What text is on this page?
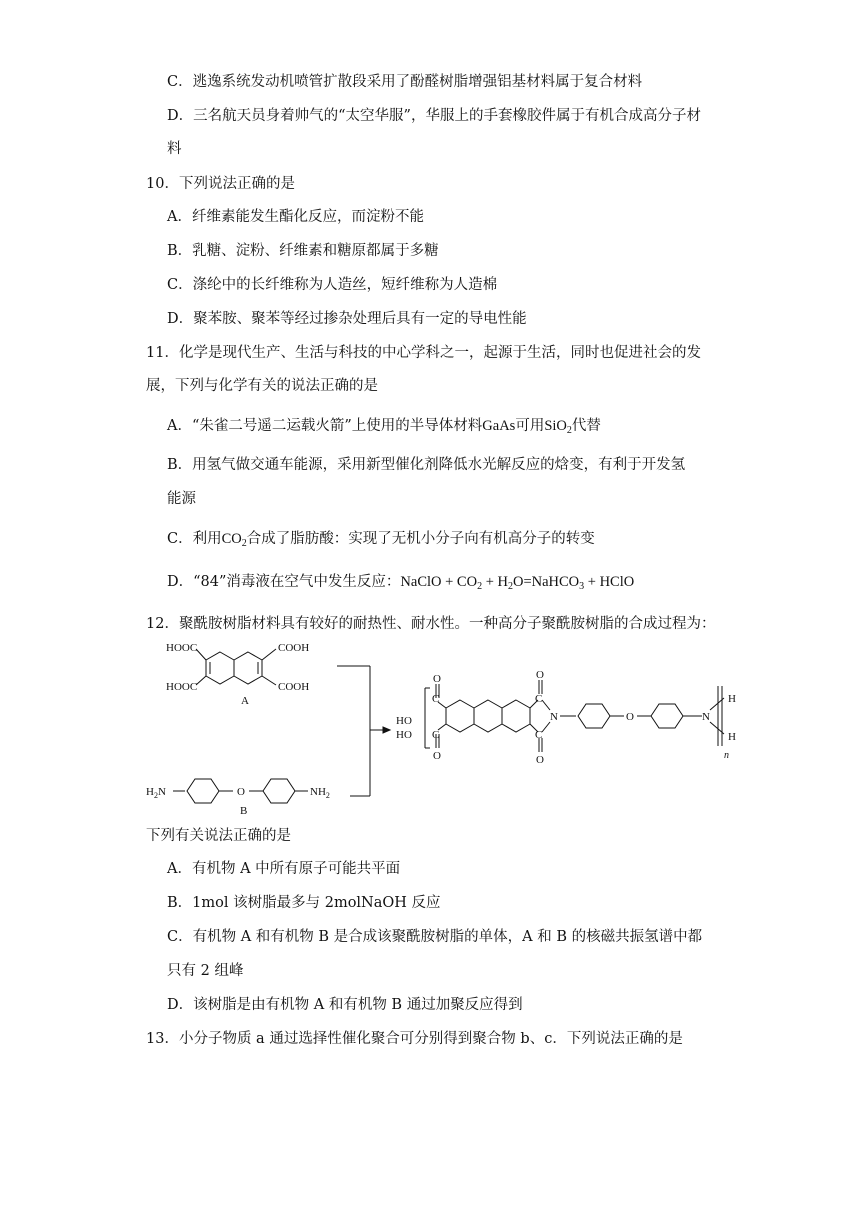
C．逃逸系统发动机喷管扩散段采用了酚醛树脂增强铝基材料属于复合材料
D．三名航天员身着帅气的“太空华服”，华服上的手套橡胶件属于有机合成高分子材
料
10．下列说法正确的是
A．纤维素能发生酯化反应，而淀粉不能
B．乳糖、淀粉、纤维素和糖原都属于多糖
C．涤纶中的长纤维称为人造丝，短纤维称为人造棉
D．聚苯胺、聚苯等经过掺杂处理后具有一定的导电性能
11．化学是现代生产、生活与科技的中心学科之一，起源于生活，同时也促进社会的发
展，下列与化学有关的说法正确的是
A．“朱雀二号遥二运载火箭”上使用的半导体材料GaAs可用SiO$_2$代替
B．用氢气做交通车能源，采用新型催化剂降低水光解反应的焓变，有利于开发氢
能源
C．利用$CO_2$合成了脂肪酸：实现了无机小分子向有机高分子的转变
D．“84”消毒液在空气中发生反应：NaClO + $CO_2$ + $H_2O=NaHCO_3$ + HClO
12．聚酰胺树脂材料具有较好的耐热性、耐水性。一种高分子聚酰胺树脂的合成过程为：
HOOC
HOOC
COOH
COOH
A
$H_2N$	O	$NH_2$
B
O
O
C
C
HO
HO
O
O
C
C
N	O	N
H
H
n
下列有关说法正确的是
A．有机物 A 中所有原子可能共平面
B．1mol 该树脂最多与 2molNaOH 反应
C．有机物 A 和有机物 B 是合成该聚酰胺树脂的单体，A 和 B 的核磁共振氢谱中都
只有 2 组峰
D．该树脂是由有机物 A 和有机物 B 通过加聚反应得到
13．小分子物质 a 通过选择性催化聚合可分别得到聚合物 b、c．下列说法正确的是
